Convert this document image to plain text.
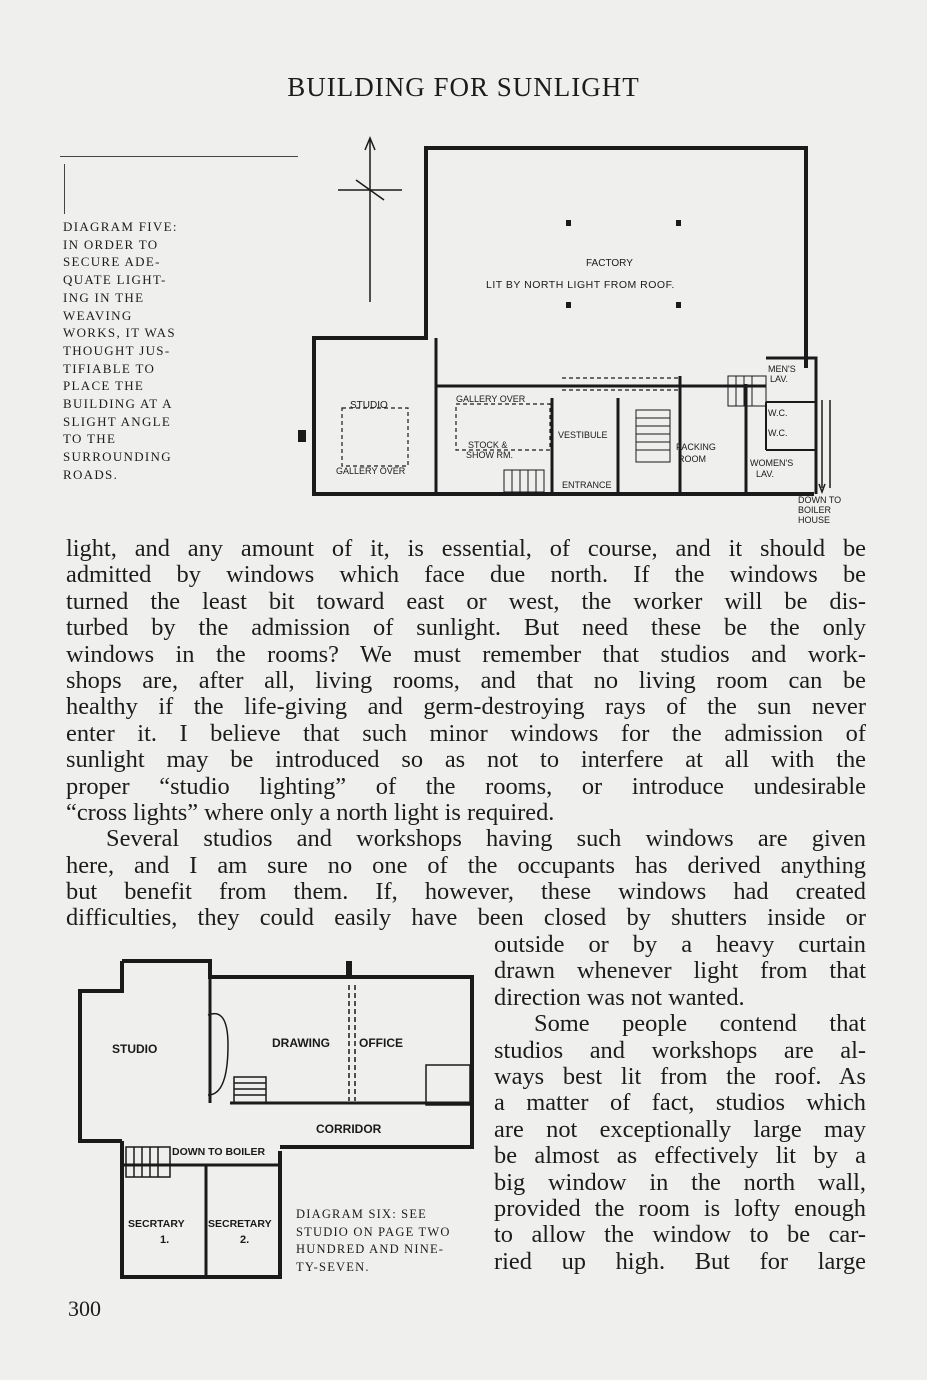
BUILDING FOR SUNLIGHT
DIAGRAM FIVE:
IN ORDER TO
SECURE ADE-
QUATE LIGHT-
ING IN THE
WEAVING
WORKS, IT WAS
THOUGHT JUS-
TIFIABLE TO
PLACE THE
BUILDING AT A
SLIGHT ANGLE
TO THE
SURROUNDING
ROADS.
FACTORY
LIT BY NORTH LIGHT FROM ROOF.
STUDIO
GALLERY OVER
GALLERY OVER
STOCK &
SHOW RM.
VESTIBULE
ENTRANCE
PACKING
ROOM
MEN'S
LAV.
W.C.
W.C.
WOMEN'S
LAV.
DOWN TO
BOILER
HOUSE
light, and any amount of it, is essential, of course, and it should be
admitted by windows which face due north. If the windows be
turned the least bit toward east or west, the worker will be dis-
turbed by the admission of sunlight. But need these be the only
windows in the rooms? We must remember that studios and work-
shops are, after all, living rooms, and that no living room can be
healthy if the life-giving and germ-destroying rays of the sun never
enter it. I believe that such minor windows for the admission of
sunlight may be introduced so as not to interfere at all with the
proper “studio lighting” of the rooms, or introduce undesirable
“cross lights” where only a north light is required.
Several studios and workshops having such windows are given
here, and I am sure no one of the occupants has derived anything
but benefit from them. If, however, these windows had created
difficulties, they could easily have been closed by shutters inside or
outside or by a heavy curtain
drawn whenever light from that
direction was not wanted.
Some people contend that
studios and workshops are al-
ways best lit from the roof. As
a matter of fact, studios which
are not exceptionally large may
be almost as effectively lit by a
big window in the north wall,
provided the room is lofty enough
to allow the window to be car-
ried up high. But for large
STUDIO	DRAWING OFFICE
CORRIDOR
DOWN TO BOILER
SECRTARY
1.
SECRETARY
2.
DIAGRAM SIX: SEE
STUDIO ON PAGE TWO
HUNDRED AND NINE-
TY-SEVEN.
300
